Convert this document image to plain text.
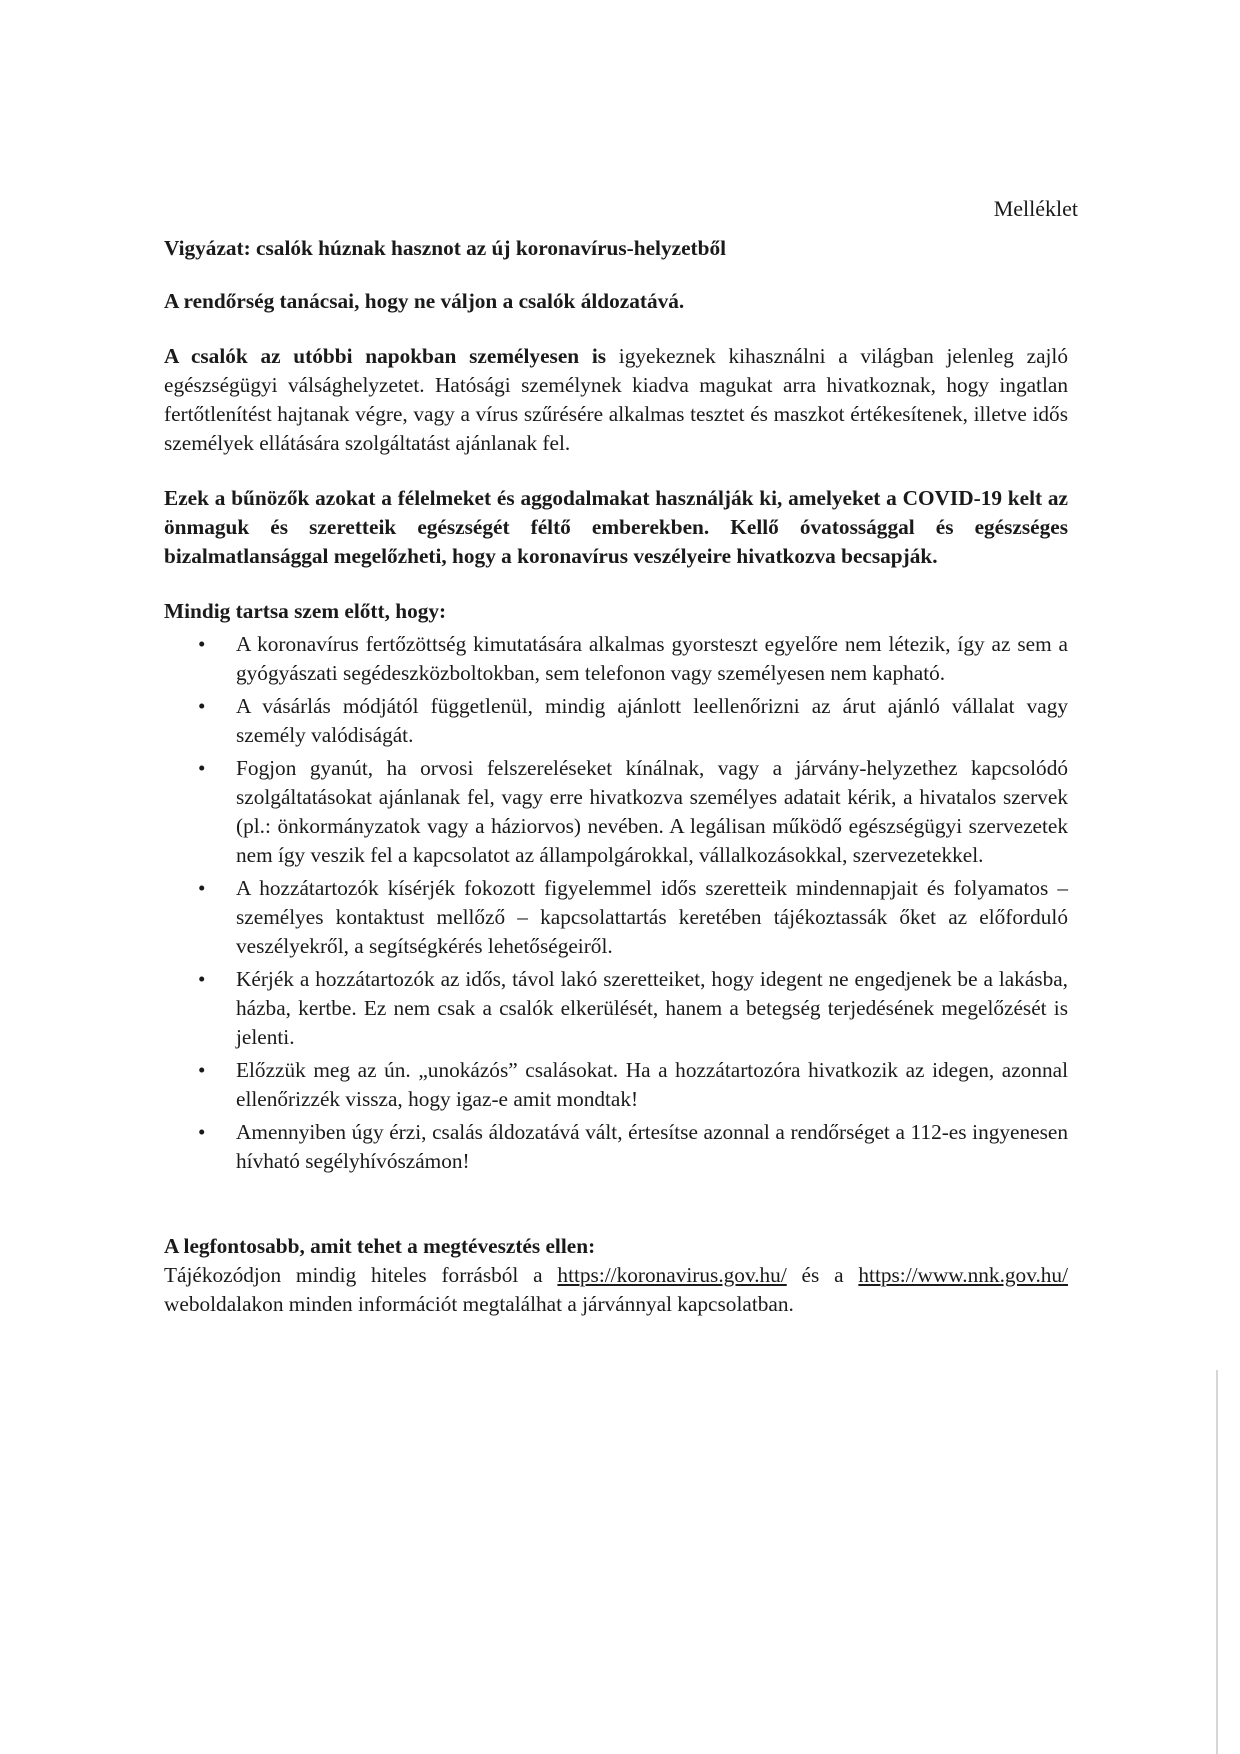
Melléklet
Vigyázat: csalók húznak hasznot az új koronavírus-helyzetből
A rendőrség tanácsai, hogy ne váljon a csalók áldozatává.

A csalók az utóbbi napokban személyesen is igyekeznek kihasználni a világban jelenleg zajló egészségügyi válsághelyzetet. Hatósági személynek kiadva magukat arra hivatkoznak, hogy ingatlan fertőtlenítést hajtanak végre, vagy a vírus szűrésére alkalmas tesztet és maszkot értékesítenek, illetve idős személyek ellátására szolgáltatást ajánlanak fel.

Ezek a bűnözők azokat a félelmeket és aggodalmakat használják ki, amelyeket a COVID-19 kelt az önmaguk és szeretteik egészségét féltő emberekben. Kellő óvatossággal és egészséges bizalmatlansággal megelőzheti, hogy a koronavírus veszélyeire hivatkozva becsapják.

Mindig tartsa szem előtt, hogy:
• A koronavírus fertőzöttség kimutatására alkalmas gyorsteszt egyelőre nem létezik, így az sem a gyógyászati segédeszközboltokban, sem telefonon vagy személyesen nem kapható.
• A vásárlás módjától függetlenül, mindig ajánlott leellenőrizni az árut ajánló vállalat vagy személy valódiságát.
• Fogjon gyanút, ha orvosi felszereléseket kínálnak, vagy a járvány-helyzethez kapcsolódó szolgáltatásokat ajánlanak fel, vagy erre hivatkozva személyes adatait kérik, a hivatalos szervek (pl.: önkormányzatok vagy a háziorvos) nevében. A legálisan működő egészségügyi szervezetek nem így veszik fel a kapcsolatot az állampolgárokkal, vállalkozásokkal, szervezetekkel.
• A hozzátartozók kísérjék fokozott figyelemmel idős szeretteik mindennapjait és folyamatos – személyes kontaktust mellőző – kapcsolattartás keretében tájékoztassák őket az előforduló veszélyekről, a segítségkérés lehetőségeiről.
• Kérjék a hozzátartozók az idős, távol lakó szeretteiket, hogy idegent ne engedjenek be a lakásba, házba, kertbe. Ez nem csak a csalók elkerülését, hanem a betegség terjedésének megelőzését is jelenti.
• Előzzük meg az ún. „unokázós” csalásokat. Ha a hozzátartozóra hivatkozik az idegen, azonnal ellenőrizzék vissza, hogy igaz-e amit mondtak!
• Amennyiben úgy érzi, csalás áldozatává vált, értesítse azonnal a rendőrséget a 112-es ingyenesen hívható segélyhívószámon!
A legfontosabb, amit tehet a megtévesztés ellen:

Tájékozódjon mindig hiteles forrásból a https://koronavirus.gov.hu/ és a https://www.nnk.gov.hu/ weboldalakon minden információt megtalálhat a járvánnyal kapcsolatban.
